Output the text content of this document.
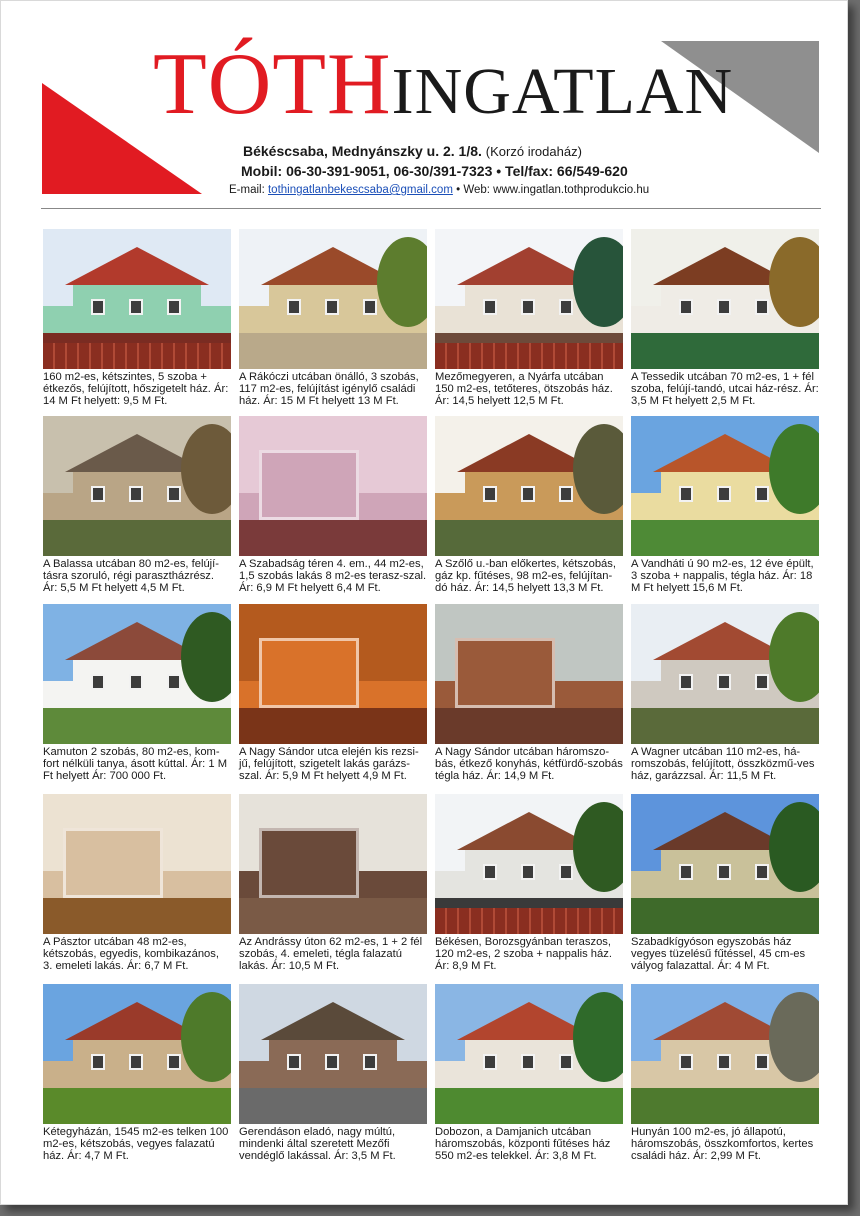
TÓTHINGATLAN
Békéscsaba, Mednyánszky u. 2. 1/8. (Korzó irodaház)
Mobil: 06-30-391-9051, 06-30/391-7323 • Tel/fax: 66/549-620
E-mail: tothingatlanbekescsaba@gmail.com • Web: www.ingatlan.tothprodukcio.hu
160 m2-es, kétszintes, 5 szoba + étkezős, felújított, hőszigetelt ház. Ár: 14 M Ft helyett: 9,5 M Ft.
A Rákóczi utcában önálló, 3 szobás, 117 m2-es, felújítást igénylő családi ház. Ár: 15 M Ft helyett 13 M Ft.
Mezőmegyeren, a Nyárfa utcában 150 m2-es, tetőteres, ötszobás ház. Ár: 14,5 helyett 12,5 M Ft.
A Tessedik utcában 70 m2-es, 1 + fél szoba, felújí-tandó, utcai ház-rész. Ár: 3,5 M Ft helyett 2,5 M Ft.
A Balassa utcában 80 m2-es, felújí-tásra szoruló, régi parasztházrész. Ár: 5,5 M Ft helyett 4,5 M Ft.
A Szabadság téren 4. em., 44 m2-es, 1,5 szobás lakás 8 m2-es terasz-szal. Ár: 6,9 M Ft helyett 6,4 M Ft.
A Szőlő u.-ban előkertes, kétszobás, gáz kp. fűtéses, 98 m2-es, felújítan-dó ház. Ár: 14,5 helyett 13,3 M Ft.
A Vandháti ú 90 m2-es, 12 éve épült, 3 szoba + nappalis, tégla ház. Ár: 18 M Ft helyett 15,6 M Ft.
Kamuton 2 szobás, 80 m2-es, kom-fort nélküli tanya, ásott kúttal. Ár: 1 M Ft helyett Ár: 700 000 Ft.
A Nagy Sándor utca elején kis rezsi-jű, felújított, szigetelt lakás garázs-szal. Ár: 5,9 M Ft helyett 4,9 M Ft.
A Nagy Sándor utcában háromszo-bás, étkező konyhás, kétfürdő-szobás tégla ház. Ár: 14,9 M Ft.
A Wagner utcában 110 m2-es, há-romszobás, felújított, összközmű-ves ház, garázzsal. Ár: 11,5 M Ft.
A Pásztor utcában 48 m2-es, kétszobás, egyedis, kombikazános, 3. emeleti lakás. Ár: 6,7 M Ft.
Az Andrássy úton 62 m2-es, 1 + 2 fél szobás, 4. emeleti, tégla falazatú lakás. Ár: 10,5 M Ft.
Békésen, Borozsgyánban teraszos, 120 m2-es, 2 szoba + nappalis ház. Ár: 8,9 M Ft.
Szabadkígyóson egyszobás ház vegyes tüzelésű fűtéssel, 45 cm-es vályog falazattal. Ár: 4 M Ft.
Kétegyházán, 1545 m2-es telken 100 m2-es, kétszobás, vegyes falazatú ház. Ár: 4,7 M Ft.
Gerendáson eladó, nagy múltú, mindenki által szeretett Mezőfi vendéglő lakással. Ár: 3,5 M Ft.
Dobozon, a Damjanich utcában háromszobás, központi fűtéses ház 550 m2-es telekkel. Ár: 3,8 M Ft.
Hunyán 100 m2-es, jó állapotú, háromszobás, összkomfortos, kertes családi ház. Ár: 2,99 M Ft.
